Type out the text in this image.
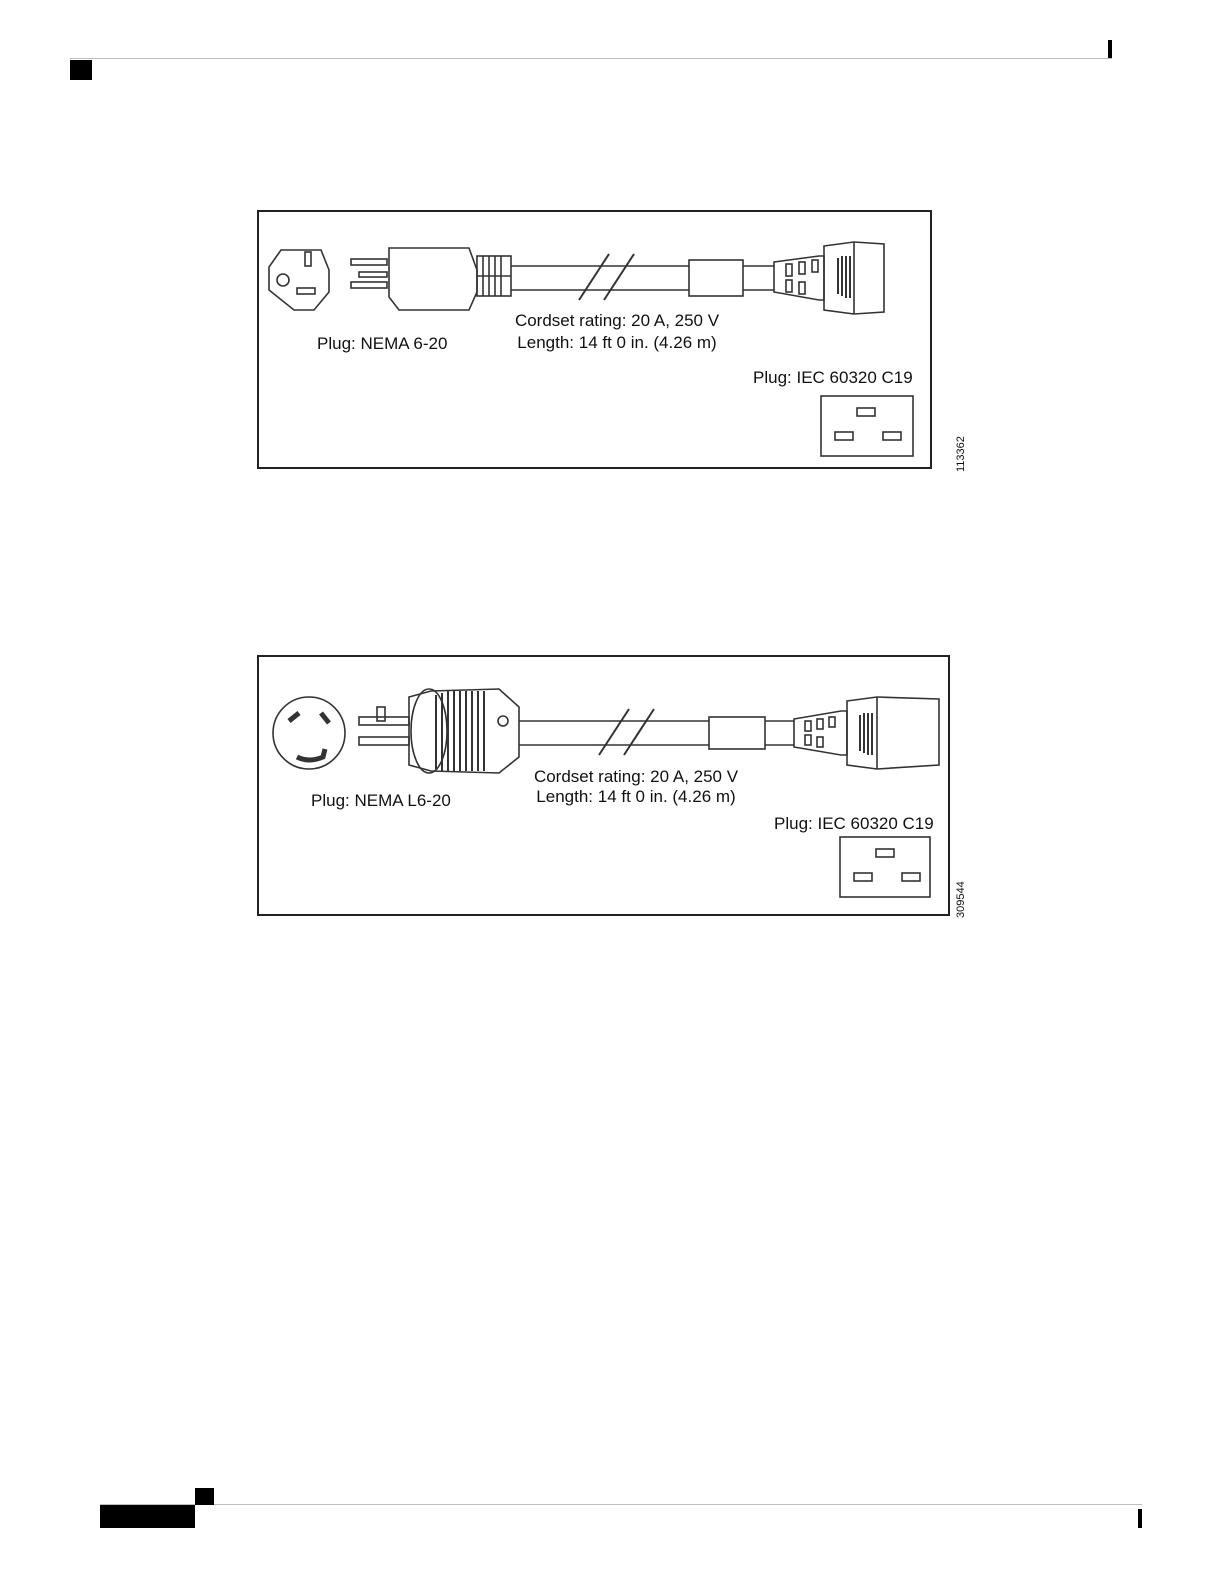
Plug: NEMA 6-20
Cordset rating: 20 A, 250 V
Length: 14 ft 0 in. (4.26 m)
Plug: IEC 60320 C19
113362
Plug: NEMA L6-20
Cordset rating: 20 A, 250 V
Length: 14 ft 0 in. (4.26 m)
Plug: IEC 60320 C19
309544
